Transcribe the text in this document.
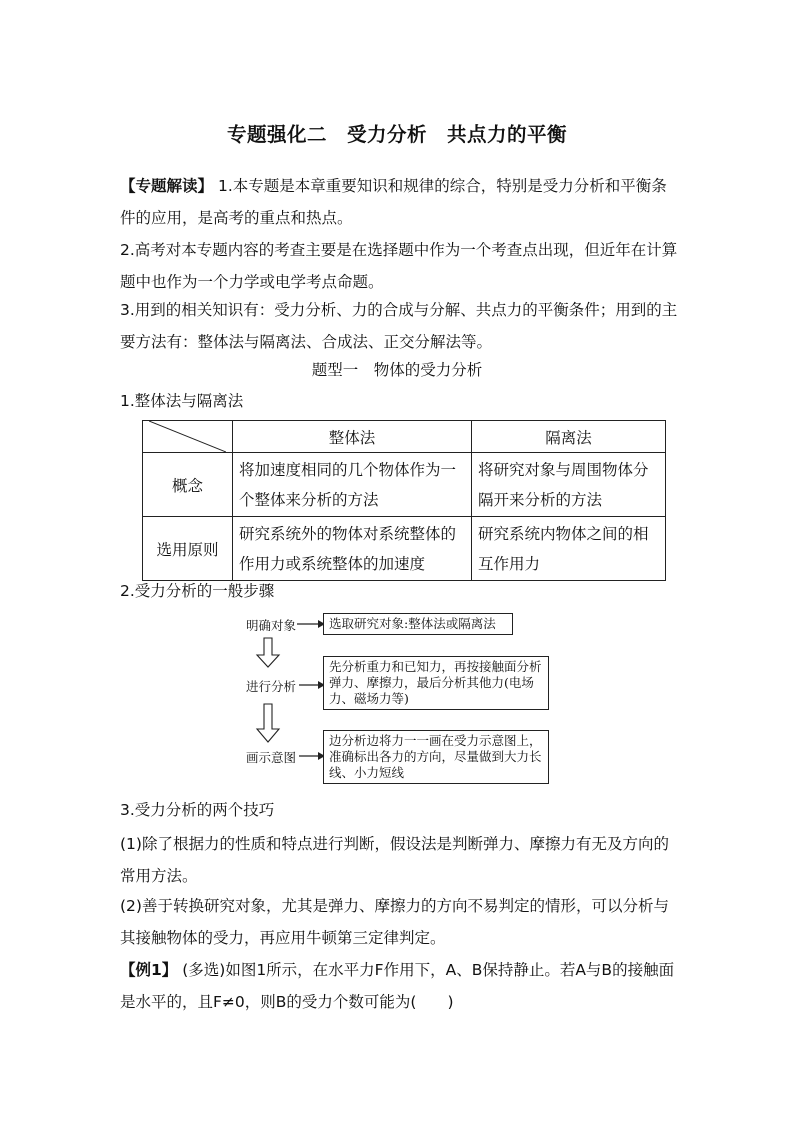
专题强化二　受力分析　共点力的平衡
【专题解读】 1.本专题是本章重要知识和规律的综合，特别是受力分析和平衡条件的应用，是高考的重点和热点。
2.高考对本专题内容的考查主要是在选择题中作为一个考查点出现，但近年在计算题中也作为一个力学或电学考点命题。
3.用到的相关知识有：受力分析、力的合成与分解、共点力的平衡条件；用到的主要方法有：整体法与隔离法、合成法、正交分解法等。
题型一　物体的受力分析
1.整体法与隔离法
	整体法	隔离法
概念	将加速度相同的几个物体作为一个整体来分析的方法	将研究对象与周围物体分隔开来分析的方法
选用原则	研究系统外的物体对系统整体的作用力或系统整体的加速度	研究系统内物体之间的相互作用力
2.受力分析的一般步骤
明确对象	选取研究对象:整体法或隔离法
进行分析
先分析重力和已知力，再按接触面分析弹力、摩擦力，最后分析其他力(电场力、磁场力等)
画示意图
边分析边将力一一画在受力示意图上，准确标出各力的方向，尽量做到大力长线、小力短线
3.受力分析的两个技巧
(1)除了根据力的性质和特点进行判断，假设法是判断弹力、摩擦力有无及方向的常用方法。
(2)善于转换研究对象，尤其是弹力、摩擦力的方向不易判定的情形，可以分析与其接触物体的受力，再应用牛顿第三定律判定。
【例1】 (多选)如图1所示，在水平力F作用下，A、B保持静止。若A与B的接触面是水平的，且F≠0，则B的受力个数可能为(　　)
